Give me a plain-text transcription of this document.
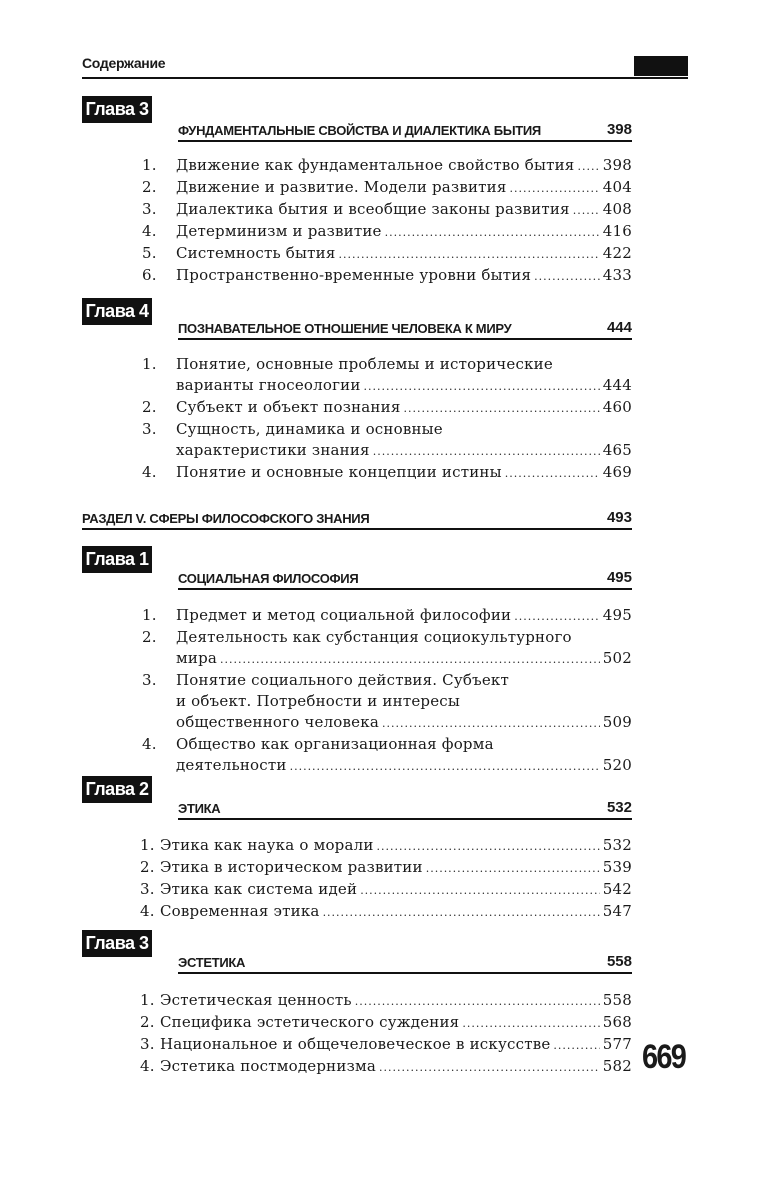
Содержание
Глава 3
ФУНДАМЕНТАЛЬНЫЕ СВОЙСТВА И ДИАЛЕКТИКА БЫТИЯ	398
1. Движение как фундаментальное свойство бытия ..... 398
2. Движение и развитие. Модели развития .....	404
3. Диалектика бытия и всеобщие законы развития ..... 408
4. Детерминизм и развитие .....	416
5. Системность бытия .....	422
6. Пространственно-временные уровни бытия .....	433
Глава 4
ПОЗНАВАТЕЛЬНОЕ ОТНОШЕНИЕ ЧЕЛОВЕКА К МИРУ	444
1. Понятие, основные проблемы и исторические
варианты гносеологии .....	444
2. Субъект и объект познания .....	460
3. Сущность, динамика и основные
характеристики знания .....	465
4. Понятие и основные концепции истины .....	469
РАЗДЕЛ V. СФЕРЫ ФИЛОСОФСКОГО ЗНАНИЯ	493
Глава 1
СОЦИАЛЬНАЯ ФИЛОСОФИЯ	495
1. Предмет и метод социальной философии .....	495
2. Деятельность как субстанция социокультурного
мира .....	502
3. Понятие социального действия. Субъект
и объект. Потребности и интересы
общественного человека .....	509
4. Общество как организационная форма
деятельности .....	520
Глава 2
ЭТИКА	532
1. Этика как наука о морали .....	532
2. Этика в историческом развитии .....	539
3. Этика как система идей .....	542
4. Современная этика .....	547
Глава 3
ЭСТЕТИКА	558
1. Эстетическая ценность .....	558
2. Специфика эстетического суждения .....	568
3. Национальное и общечеловеческое в искусстве .....	577
4. Эстетика постмодернизма .....	582 669
